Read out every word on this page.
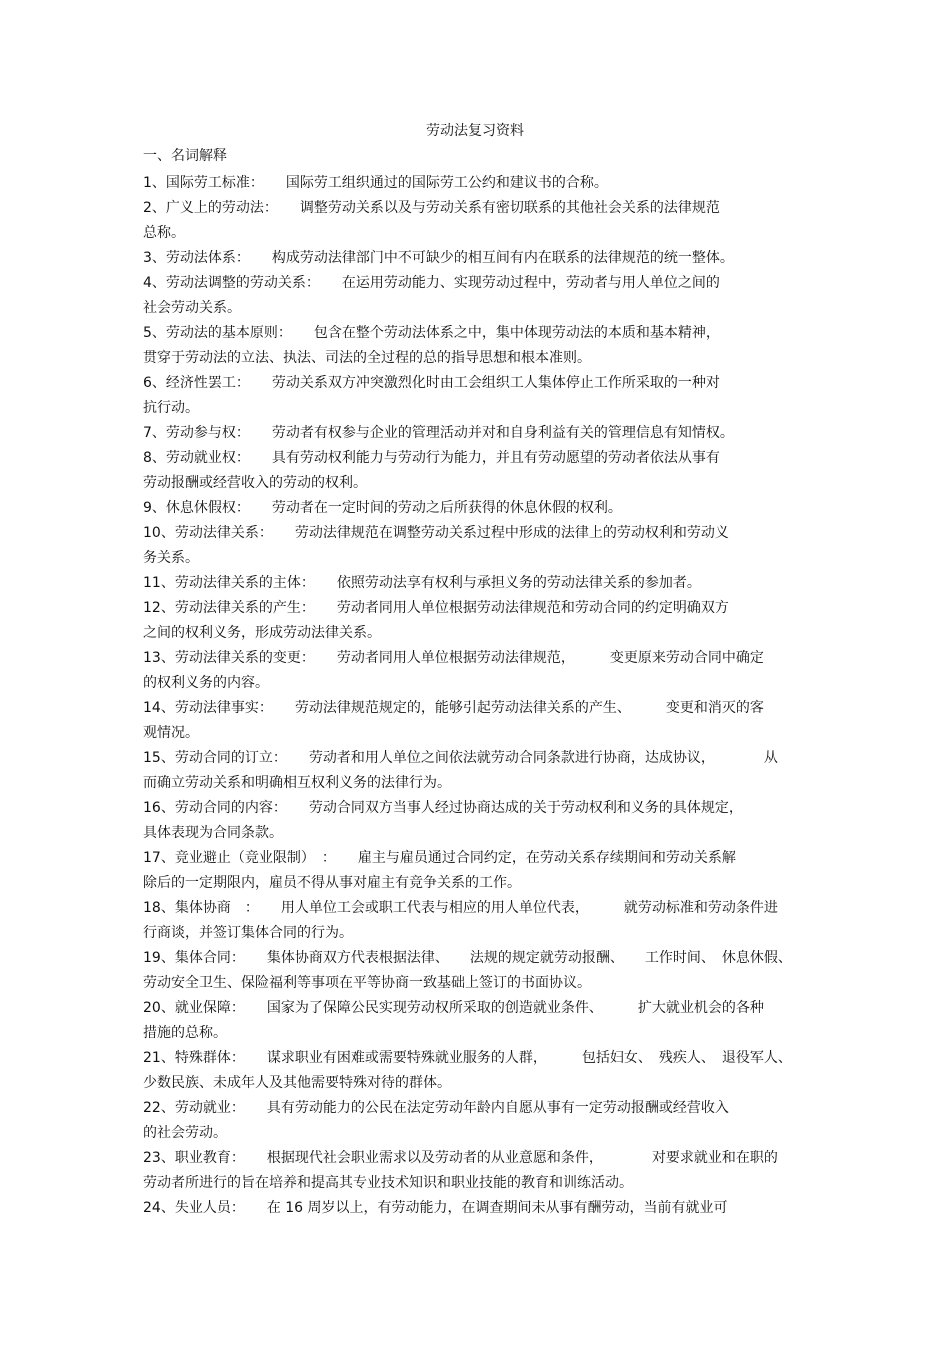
劳动法复习资料
一、名词解释
1、国际劳工标准： 国际劳工组织通过的国际劳工公约和建议书的合称。
2、广义上的劳动法： 调整劳动关系以及与劳动关系有密切联系的其他社会关系的法律规范
总称。
3、劳动法体系： 构成劳动法律部门中不可缺少的相互间有内在联系的法律规范的统一整体。
4、劳动法调整的劳动关系： 在运用劳动能力、实现劳动过程中，劳动者与用人单位之间的
社会劳动关系。
5、劳动法的基本原则： 包含在整个劳动法体系之中，集中体现劳动法的本质和基本精神，
贯穿于劳动法的立法、执法、司法的全过程的总的指导思想和根本准则。
6、经济性罢工： 劳动关系双方冲突激烈化时由工会组织工人集体停止工作所采取的一种对
抗行动。
7、劳动参与权： 劳动者有权参与企业的管理活动并对和自身利益有关的管理信息有知情权。
8、劳动就业权： 具有劳动权利能力与劳动行为能力，并且有劳动愿望的劳动者依法从事有
劳动报酬或经营收入的劳动的权利。
9、休息休假权： 劳动者在一定时间的劳动之后所获得的休息休假的权利。
10、劳动法律关系： 劳动法律规范在调整劳动关系过程中形成的法律上的劳动权利和劳动义
务关系。
11、劳动法律关系的主体： 依照劳动法享有权利与承担义务的劳动法律关系的参加者。
12、劳动法律关系的产生： 劳动者同用人单位根据劳动法律规范和劳动合同的约定明确双方
之间的权利义务，形成劳动法律关系。
13、劳动法律关系的变更： 劳动者同用人单位根据劳动法律规范，　　　变更原来劳动合同中确定
的权利义务的内容。
14、劳动法律事实： 劳动法律规范规定的，能够引起劳动法律关系的产生、　　　变更和消灭的客
观情况。
15、劳动合同的订立： 劳动者和用人单位之间依法就劳动合同条款进行协商，达成协议，　　　　从
而确立劳动关系和明确相互权利义务的法律行为。
16、劳动合同的内容： 劳动合同双方当事人经过协商达成的关于劳动权利和义务的具体规定，
具体表现为合同条款。
17、竞业避止（竞业限制）　： 雇主与雇员通过合同约定，在劳动关系存续期间和劳动关系解
除后的一定期限内，雇员不得从事对雇主有竞争关系的工作。
18、集体协商　： 用人单位工会或职工代表与相应的用人单位代表，　　　就劳动标准和劳动条件进
行商谈，并签订集体合同的行为。
19、集体合同： 集体协商双方代表根据法律、　　法规的规定就劳动报酬、　　工作时间、　休息休假、
劳动安全卫生、保险福利等事项在平等协商一致基础上签订的书面协议。
20、就业保障： 国家为了保障公民实现劳动权所采取的创造就业条件、　　　扩大就业机会的各种
措施的总称。
21、特殊群体： 谋求职业有困难或需要特殊就业服务的人群，　　　包括妇女、　残疾人、　退役军人、
少数民族、未成年人及其他需要特殊对待的群体。
22、劳动就业： 具有劳动能力的公民在法定劳动年龄内自愿从事有一定劳动报酬或经营收入
的社会劳动。
23、职业教育： 根据现代社会职业需求以及劳动者的从业意愿和条件，　　　　对要求就业和在职的
劳动者所进行的旨在培养和提高其专业技术知识和职业技能的教育和训练活动。
24、失业人员： 在 16 周岁以上，有劳动能力，在调查期间未从事有酬劳动，当前有就业可
